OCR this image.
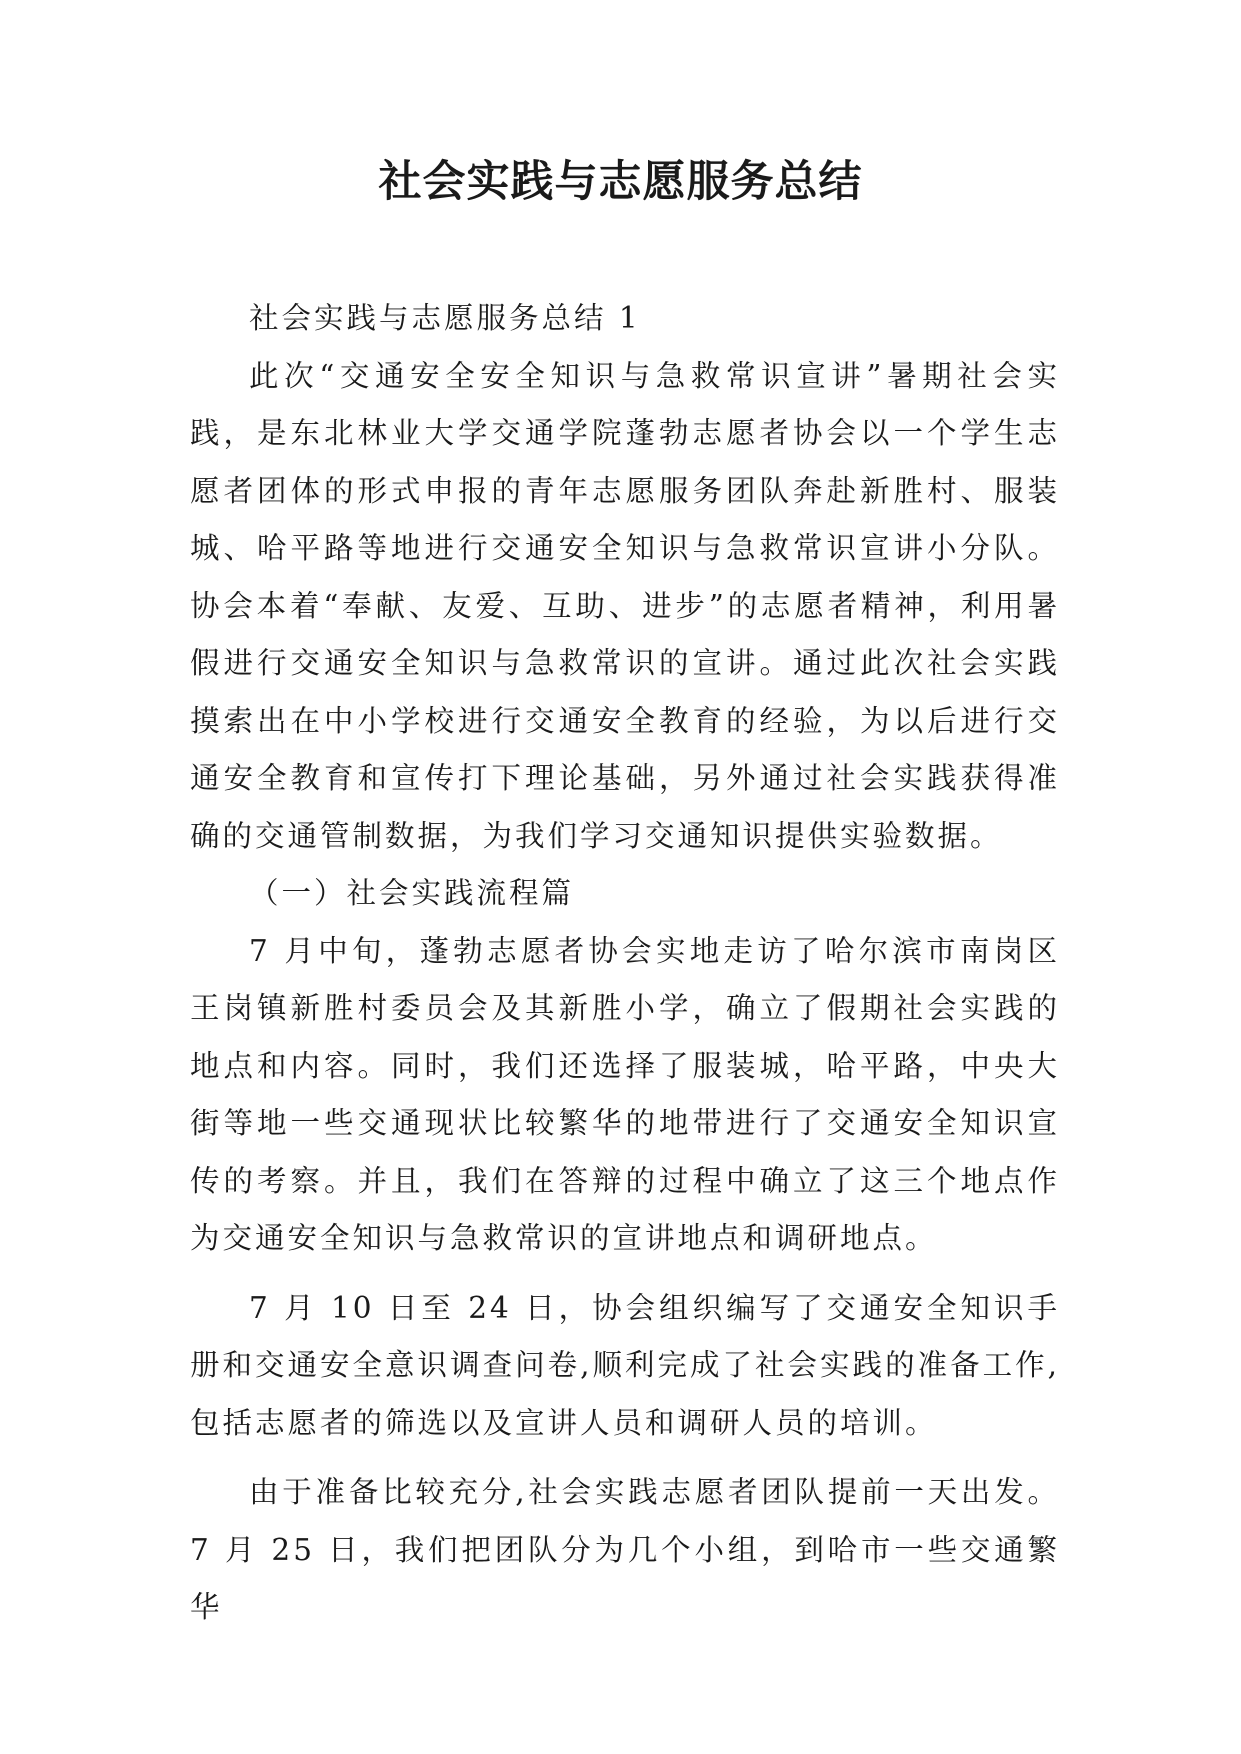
社会实践与志愿服务总结

社会实践与志愿服务总结 1

此次“交通安全安全知识与急救常识宣讲”暑期社会实践，是东北林业大学交通学院蓬勃志愿者协会以一个学生志愿者团体的形式申报的青年志愿服务团队奔赴新胜村、服装城、哈平路等地进行交通安全知识与急救常识宣讲小分队。协会本着“奉献、友爱、互助、进步”的志愿者精神，利用暑假进行交通安全知识与急救常识的宣讲。通过此次社会实践摸索出在中小学校进行交通安全教育的经验，为以后进行交通安全教育和宣传打下理论基础，另外通过社会实践获得准确的交通管制数据，为我们学习交通知识提供实验数据。

（一）社会实践流程篇

7 月中旬，蓬勃志愿者协会实地走访了哈尔滨市南岗区王岗镇新胜村委员会及其新胜小学，确立了假期社会实践的地点和内容。同时，我们还选择了服装城，哈平路，中央大街等地一些交通现状比较繁华的地带进行了交通安全知识宣传的考察。并且，我们在答辩的过程中确立了这三个地点作为交通安全知识与急救常识的宣讲地点和调研地点。

7 月 10 日至 24 日，协会组织编写了交通安全知识手册和交通安全意识调查问卷,顺利完成了社会实践的准备工作,包括志愿者的筛选以及宣讲人员和调研人员的培训。

由于准备比较充分,社会实践志愿者团队提前一天出发。7 月 25 日，我们把团队分为几个小组，到哈市一些交通繁华
